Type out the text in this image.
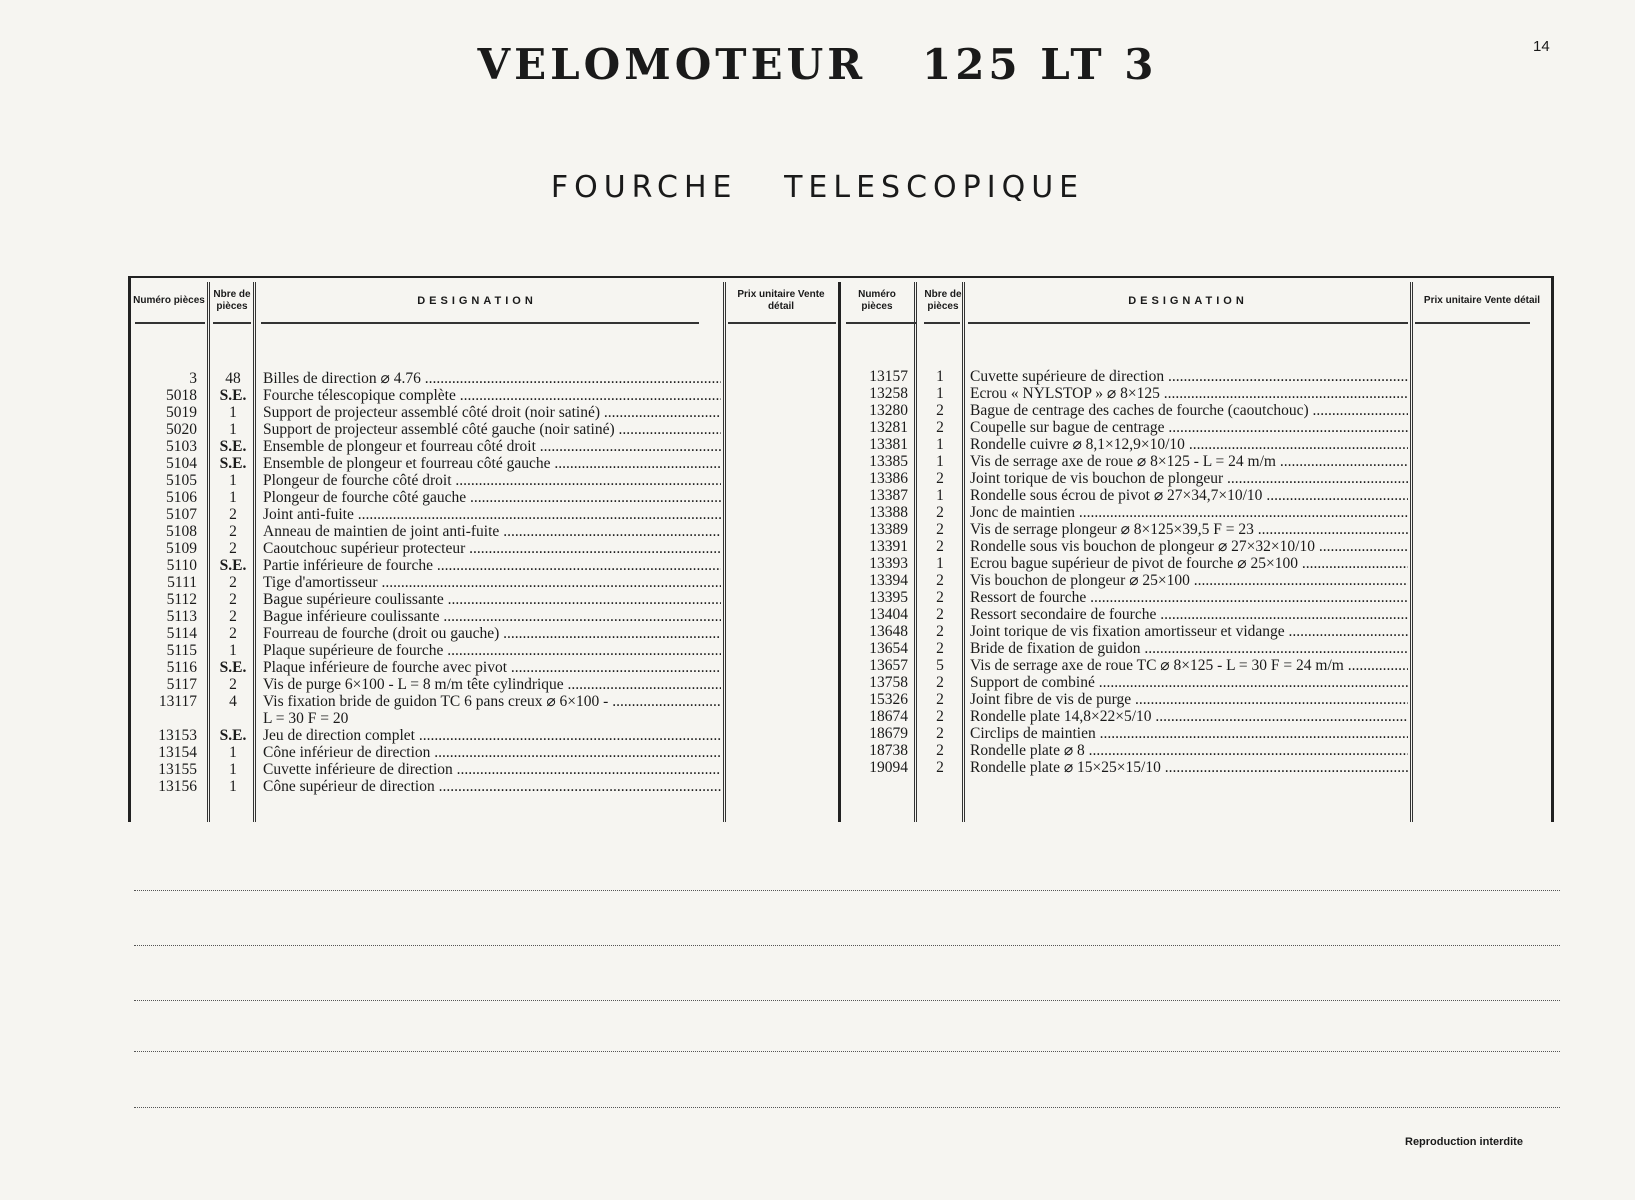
VELOMOTEUR   125 LT 3	14
FOURCHE   TELESCOPIQUE
Numéro pièces
Nbre de pièces	DESIGNATION
Prix unitaire Vente détail
3	48	Billes de direction ⌀ 4.76 .....
5018	S.E.	Fourche télescopique complète .....
5019	1	Support de projecteur assemblé côté droit (noir satiné) .....
5020	1	Support de projecteur assemblé côté gauche (noir satiné) .....
5103	S.E.	Ensemble de plongeur et fourreau côté droit .....
5104	S.E.	Ensemble de plongeur et fourreau côté gauche .....
5105	1	Plongeur de fourche côté droit .....
5106	1	Plongeur de fourche côté gauche .....
5107	2	Joint anti-fuite .....
5108	2	Anneau de maintien de joint anti-fuite .....
5109	2	Caoutchouc supérieur protecteur .....
5110	S.E.	Partie inférieure de fourche .....
5111	2	Tige d'amortisseur .....
5112	2	Bague supérieure coulissante .....
5113	2	Bague inférieure coulissante .....
5114	2	Fourreau de fourche (droit ou gauche) .....
5115	1	Plaque supérieure de fourche .....
5116	S.E.	Plaque inférieure de fourche avec pivot .....
5117	2	Vis de purge 6×100 - L = 8 m/m tête cylindrique .....
13117	4	Vis fixation bride de guidon TC 6 pans creux ⌀ 6×100 - .....
L = 30 F = 20
13153	S.E.	Jeu de direction complet .....
13154	1	Cône inférieur de direction .....
13155	1	Cuvette inférieure de direction .....
13156	1	Cône supérieur de direction .....
Numéro pièces
Nbre de pièces	DESIGNATION	Prix unitaire Vente détail
13157	1	Cuvette supérieure de direction .....
13258	1	Ecrou « NYLSTOP » ⌀ 8×125 .....
13280	2	Bague de centrage des caches de fourche (caoutchouc) .....
13281	2	Coupelle sur bague de centrage .....
13381	1	Rondelle cuivre ⌀ 8,1×12,9×10/10 .....
13385	1	Vis de serrage axe de roue ⌀ 8×125 - L = 24 m/m .....
13386	2	Joint torique de vis bouchon de plongeur .....
13387	1	Rondelle sous écrou de pivot ⌀ 27×34,7×10/10 .....
13388	2	Jonc de maintien .....
13389	2	Vis de serrage plongeur ⌀ 8×125×39,5 F = 23 .....
13391	2	Rondelle sous vis bouchon de plongeur ⌀ 27×32×10/10 .....
13393	1	Ecrou bague supérieur de pivot de fourche ⌀ 25×100 .....
13394	2	Vis bouchon de plongeur ⌀ 25×100 .....
13395	2	Ressort de fourche .....
13404	2	Ressort secondaire de fourche .....
13648	2	Joint torique de vis fixation amortisseur et vidange .....
13654	2	Bride de fixation de guidon .....
13657	5	Vis de serrage axe de roue TC ⌀ 8×125 - L = 30 F = 24 m/m .....
13758	2	Support de combiné .....
15326	2	Joint fibre de vis de purge .....
18674	2	Rondelle plate 14,8×22×5/10 .....
18679	2	Circlips de maintien .....
18738	2	Rondelle plate ⌀ 8 .....
19094	2	Rondelle plate ⌀ 15×25×15/10 .....
Reproduction interdite
